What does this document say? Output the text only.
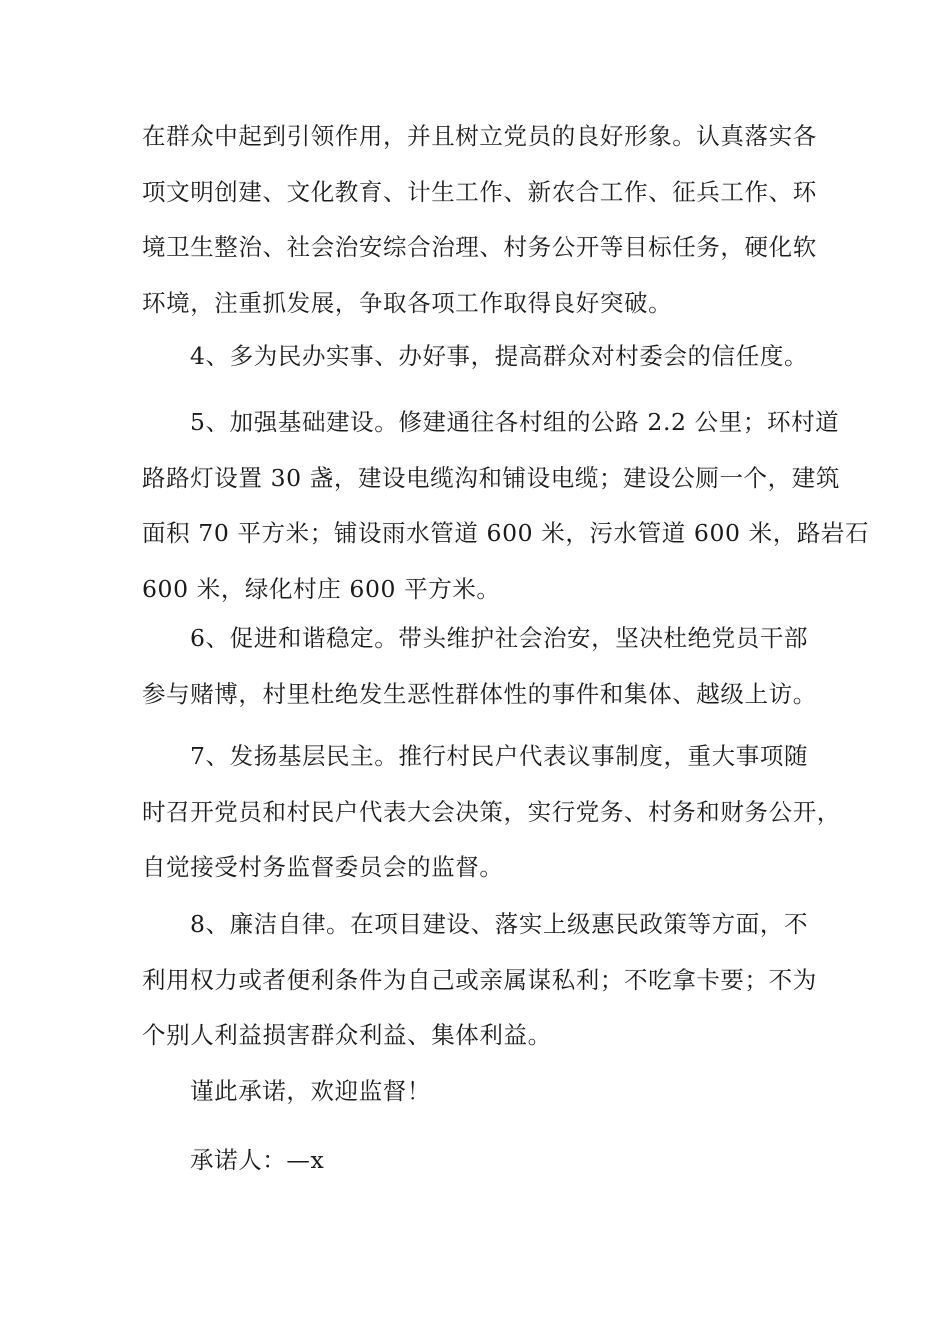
在群众中起到引领作用，并且树立党员的良好形象。认真落实各
项文明创建、文化教育、计生工作、新农合工作、征兵工作、环
境卫生整治、社会治安综合治理、村务公开等目标任务，硬化软
环境，注重抓发展，争取各项工作取得良好突破。
4、多为民办实事、办好事，提高群众对村委会的信任度。
5、加强基础建设。修建通往各村组的公路 2.2 公里；环村道
路路灯设置 30 盏，建设电缆沟和铺设电缆；建设公厕一个，建筑
面积 70 平方米；铺设雨水管道 600 米，污水管道 600 米，路岩石
600 米，绿化村庄 600 平方米。
6、促进和谐稳定。带头维护社会治安，坚决杜绝党员干部
参与赌博，村里杜绝发生恶性群体性的事件和集体、越级上访。
7、发扬基层民主。推行村民户代表议事制度，重大事项随
时召开党员和村民户代表大会决策，实行党务、村务和财务公开，
自觉接受村务监督委员会的监督。
8、廉洁自律。在项目建设、落实上级惠民政策等方面，不
利用权力或者便利条件为自己或亲属谋私利；不吃拿卡要；不为
个别人利益损害群众利益、集体利益。
谨此承诺，欢迎监督！
承诺人：—x
